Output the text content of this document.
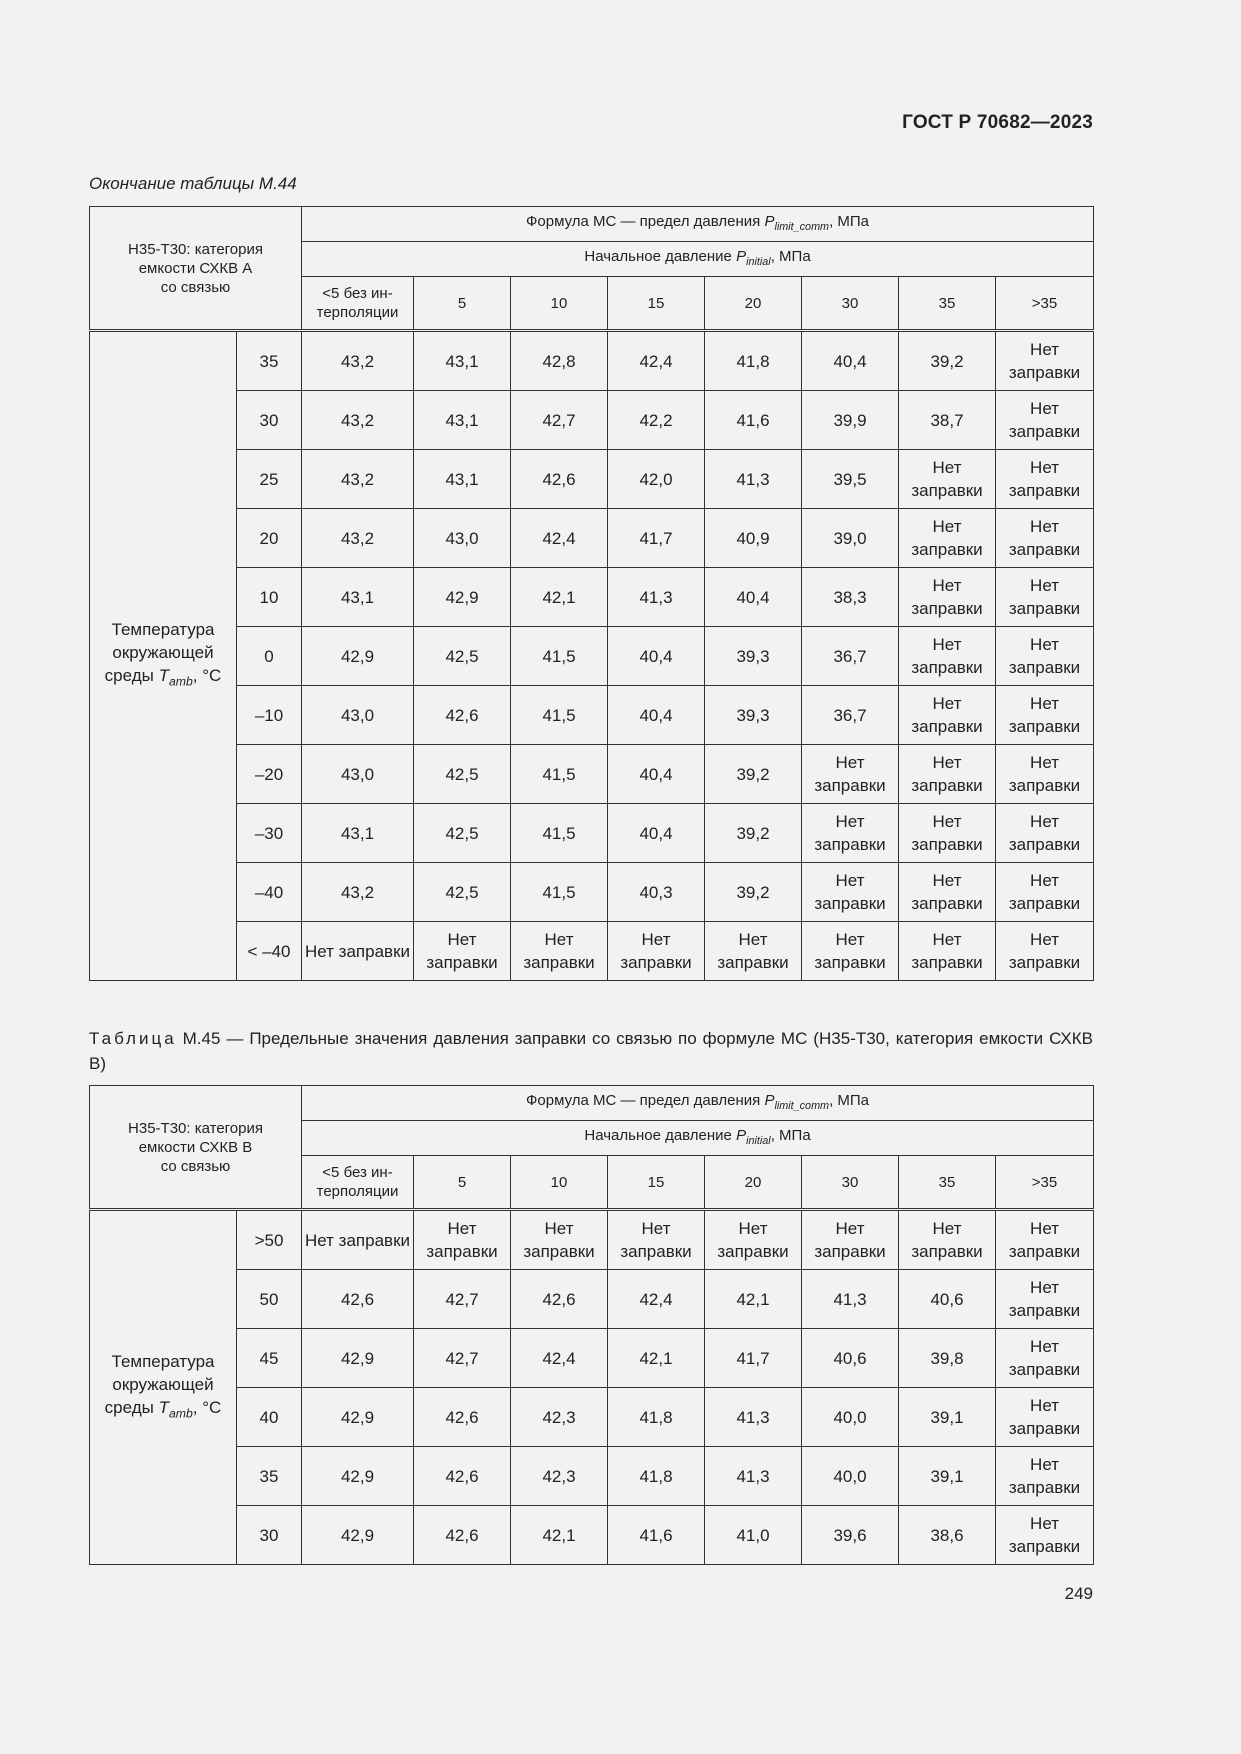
ГОСТ Р 70682—2023
Окончание таблицы М.44
Н35-Т30: категория
емкости СХКВ А
со связью		Формула МС — предел давления $P_{limit\_comm}$, МПа							
		Начальное давление $P_{initial}$, МПа							
		<5 без ин-терполяции	5	10	15	20	30	35	>35
Температура
окружающей
среды $T_{amb}$, °C	35	43,2	43,1	42,8	42,4	41,8	40,4	39,2	Нет заправки
	30	43,2	43,1	42,7	42,2	41,6	39,9	38,7	Нет заправки
	25	43,2	43,1	42,6	42,0	41,3	39,5	Нет заправки	Нет заправки
	20	43,2	43,0	42,4	41,7	40,9	39,0	Нет заправки	Нет заправки
	10	43,1	42,9	42,1	41,3	40,4	38,3	Нет заправки	Нет заправки
	0	42,9	42,5	41,5	40,4	39,3	36,7	Нет заправки	Нет заправки
	–10	43,0	42,6	41,5	40,4	39,3	36,7	Нет заправки	Нет заправки
	–20	43,0	42,5	41,5	40,4	39,2	Нет заправки	Нет заправки	Нет заправки
	–30	43,1	42,5	41,5	40,4	39,2	Нет заправки	Нет заправки	Нет заправки
	–40	43,2	42,5	41,5	40,3	39,2	Нет заправки	Нет заправки	Нет заправки
	< –40	Нет заправки	Нет заправки	Нет заправки	Нет заправки	Нет заправки	Нет заправки	Нет заправки	Нет заправки
Таблица М.45 — Предельные значения давления заправки со связью по формуле МС (Н35-Т30, категория емкости СХКВ В)
Н35-Т30: категория
емкости СХКВ В
со связью		Формула МС — предел давления $P_{limit\_comm}$, МПа							
		Начальное давление $P_{initial}$, МПа							
		<5 без ин-терполяции	5	10	15	20	30	35	>35
Температура
окружающей
среды $T_{amb}$, °C	>50	Нет заправки	Нет заправки	Нет заправки	Нет заправки	Нет заправки	Нет заправки	Нет заправки	Нет заправки
	50	42,6	42,7	42,6	42,4	42,1	41,3	40,6	Нет заправки
	45	42,9	42,7	42,4	42,1	41,7	40,6	39,8	Нет заправки
	40	42,9	42,6	42,3	41,8	41,3	40,0	39,1	Нет заправки
	35	42,9	42,6	42,3	41,8	41,3	40,0	39,1	Нет заправки
	30	42,9	42,6	42,1	41,6	41,0	39,6	38,6	Нет заправки
249
